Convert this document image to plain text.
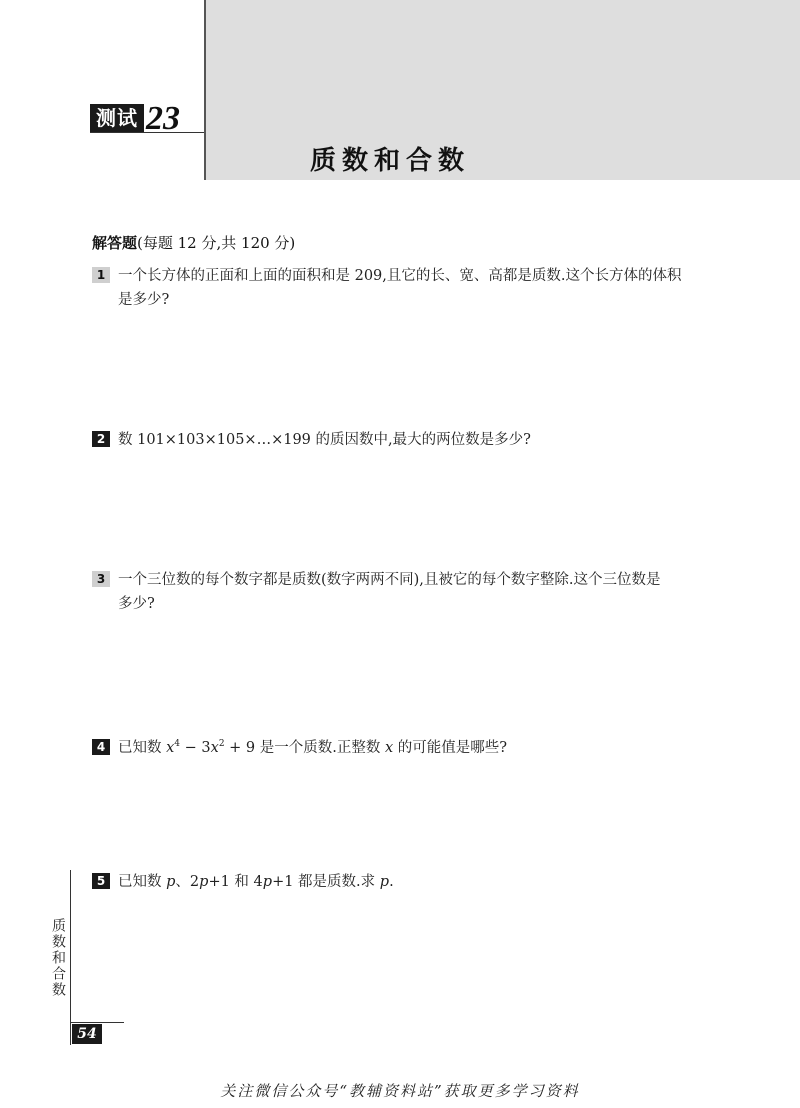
测试 23
质数和合数
解答题(每题 12 分,共 120 分)
1 一个长方体的正面和上面的面积和是 209,且它的长、宽、高都是质数.这个长方体的体积
是多少?
2 数 101×103×105×…×199 的质因数中,最大的两位数是多少?
3 一个三位数的每个数字都是质数(数字两两不同),且被它的每个数字整除.这个三位数是
多少?
4 已知数 $x^4 - 3x^2 + 9$ 是一个质数.正整数 x 的可能值是哪些?
5 已知数 p、2p+1 和 4p+1 都是质数.求 p.
质数和合数
54
关注微信公众号“教辅资料站”获取更多学习资料
